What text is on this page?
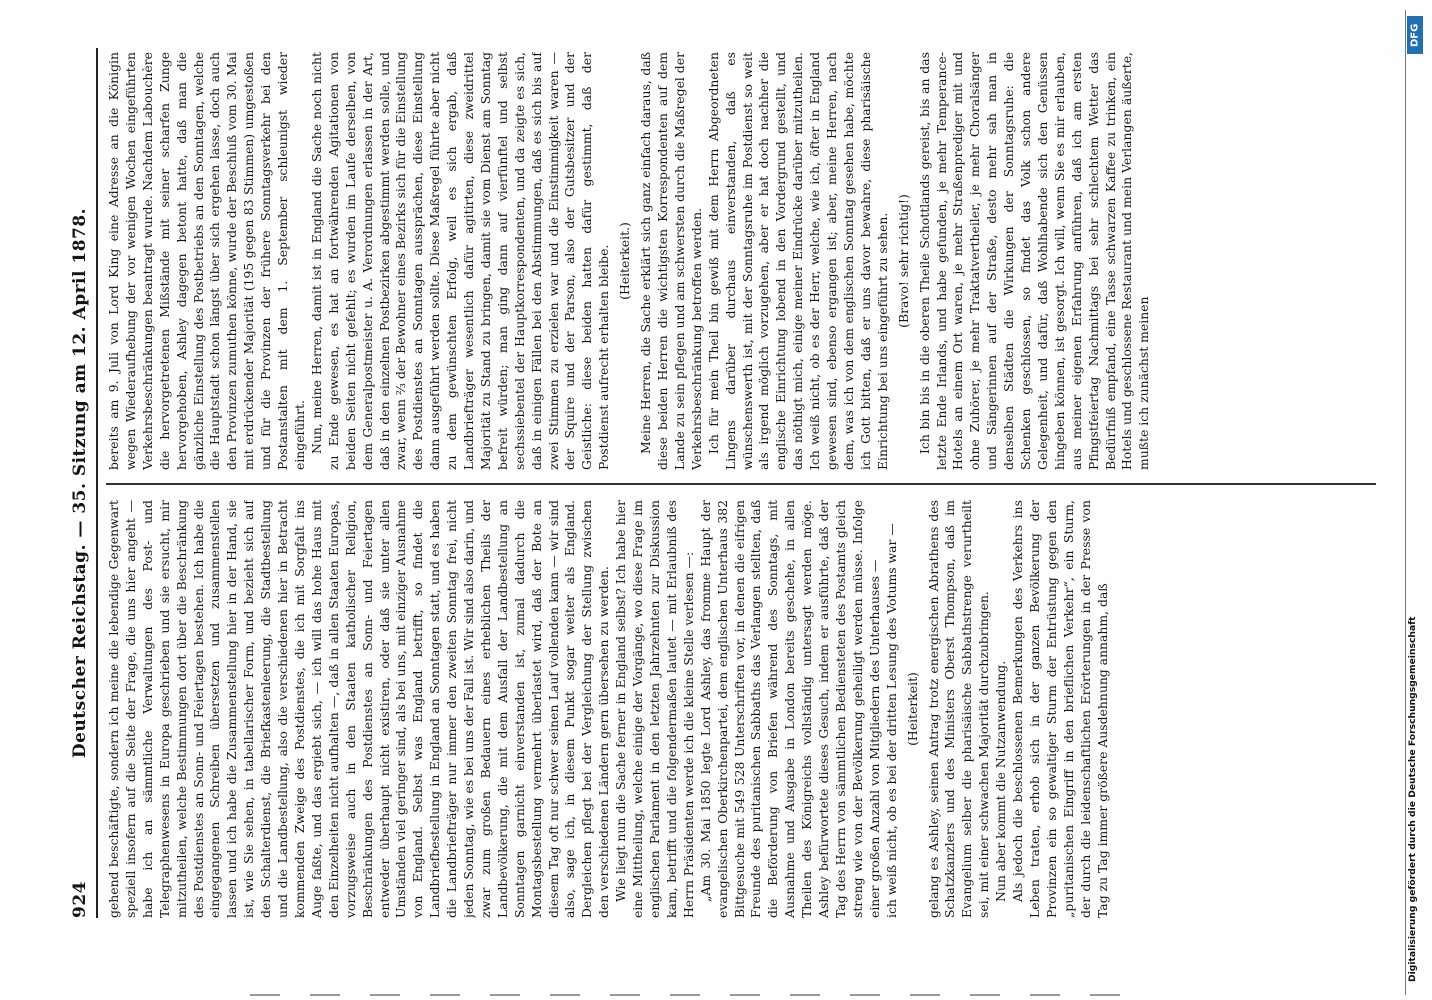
924
Deutscher Reichstag. — 35. Sitzung am 12. April 1878. gehend beschäftigte, sondern ich meine die lebendige Gegenwart speziell insofern auf die Seite der Frage, die uns hier angeht — habe ich an sämmtliche Verwaltungen des Post- und Telegraphenwesens in Europa geschrieben und sie ersucht, mir mitzutheilen, welche Bestimmungen dort über die Beschränkung des Postdienstes an Sonn- und Feiertagen bestehen. Ich habe die eingegangenen Schreiben übersetzen und zusammenstellen lassen und ich habe die Zusammenstellung hier in der Hand, sie ist, wie Sie sehen, in tabellarischer Form, und bezieht sich auf den Schalterdienst, die Briefkastenleerung, die Stadtbestellung und die Landbestellung, also die verschiedenen hier in Betracht kommenden Zweige des Postdienstes, die ich mit Sorgfalt ins Auge faßte, und das ergiebt sich, — ich will das hohe Haus mit den Einzelheiten nicht aufhalten —, daß in allen Staaten Europas, vorzugsweise auch in den Staaten katholischer Religion, Beschränkungen des Postdienstes an Sonn- und Feiertagen entweder überhaupt nicht existiren, oder daß sie unter allen Umständen viel geringer sind, als bei uns, mit einziger Ausnahme von England. Selbst was England betrifft, so findet die Landbriefbestellung in England an Sonntagen statt, und es haben die Landbriefträger nur immer den zweiten Sonntag frei, nicht jeden Sonntag, wie es bei uns der Fall ist. Wir sind also darin, und zwar zum großen Bedauern eines erheblichen Theils der Landbevölkerung, die mit dem Ausfall der Landbestellung an Sonntagen garnicht einverstanden ist, zumal dadurch die Montagsbestellung vermehrt überlastet wird, daß der Bote an diesem Tag oft nur schwer seinen Lauf vollenden kann — wir sind also, sage ich, in diesem Punkt sogar weiter als England. Dergleichen pflegt bei der Vergleichung der Stellung zwischen den verschiedenen Ländern gern übersehen zu werden. Wie liegt nun die Sache ferner in England selbst? Ich habe hier eine Mittheilung, welche einige der Vorgänge, wo diese Frage im englischen Parlament in den letzten Jahrzehnten zur Diskussion kam, betrifft und die folgendermaßen lautet — mit Erlaubniß des Herrn Präsidenten werde ich die kleine Stelle verlesen —: „Am 30. Mai 1850 legte Lord Ashley, das fromme Haupt der evangelischen Oberkirchenpartei, dem englischen Unterhaus 382 Bittgesuche mit 549 528 Unterschriften vor, in denen die eifrigen Freunde des puritanischen Sabbaths das Verlangen stellten, daß die Beförderung von Briefen während des Sonntags, mit Ausnahme und Ausgabe in London bereits geschehe, in allen Theilen des Königreichs vollständig untersagt werden möge. Ashley befürwortete dieses Gesuch, indem er ausführte, daß der Tag des Herrn von sämmtlichen Bediensteten des Postamts gleich streng wie von der Bevölkerung geheiligt werden müsse. Infolge einer großen Anzahl von Mitgliedern des Unterhauses — ich weiß nicht, ob es bei der dritten Lesung des Votums war — (Heiterkeit) gelang es Ashley, seinen Antrag trotz energischen Abrathens des Schatzkanzlers und des Ministers Oberst Thompson, daß im Evangelium selber die pharisäische Sabbathstrenge verurtheilt sei, mit einer schwachen Majorität durchzubringen. Nun aber kommt die Nutzanwendung. Als jedoch die beschlossenen Bemerkungen des Verkehrs ins Leben traten, erhob sich in der ganzen Bevölkerung der Provinzen ein so gewaltiger Sturm der Entrüstung gegen den „puritanischen Eingriff in den brieflichen Verkehr“, ein Sturm, der durch die leidenschaftlichen Erörterungen in der Presse von Tag zu Tag immer größere Ausdehnung annahm, daß

bereits am 9. Juli von Lord King eine Adresse an die Königin wegen Wiederaufhebung der vor wenigen Wochen eingeführten Verkehrsbeschränkungen beantragt wurde. Nachdem Labouchère die hervorgetretenen Mißstände mit seiner scharfen Zunge hervorgehoben, Ashley dagegen betont hatte, daß man die gänzliche Einstellung des Postbetriebs an den Sonntagen, welche die Hauptstadt schon längst über sich ergehen lasse, doch auch den Provinzen zumuthen könne, wurde der Beschluß vom 30. Mai mit erdrückender Majorität (195 gegen 83 Stimmen) umgestoßen und für die Provinzen der frühere Sonntagsverkehr bei den Postanstalten mit dem 1. September schleunigst wieder eingeführt. Nun, meine Herren, damit ist in England die Sache noch nicht zu Ende gewesen, es hat an fortwährenden Agitationen von beiden Seiten nicht gefehlt; es wurden im Laufe derselben, von dem Generalpostmeister u. A. Verordnungen erlassen in der Art, daß in den einzelnen Postbezirken abgestimmt werden solle, und zwar, wenn ⅔ der Bewohner eines Bezirks sich für die Einstellung des Postdienstes an Sonntagen aussprächen, diese Einstellung dann ausgeführt werden sollte. Diese Maßregel führte aber nicht zu dem gewünschten Erfolg, weil es sich ergab, daß Landbriefträger wesentlich dafür agitirten, diese zweidrittel Majorität zu Stand zu bringen, damit sie vom Dienst am Sonntag befreit würden; man ging dann auf vierfünftel und selbst sechssiebentel der Hauptkorrespondenten, und da zeigte es sich, daß in einigen Fällen bei den Abstimmungen, daß es sich bis auf zwei Stimmen zu erzielen war und die Einstimmigkeit waren — der Squire und der Parson, also der Gutsbesitzer und der Geistliche: diese beiden hatten dafür gestimmt, daß der Postdienst aufrecht erhalten bleibe. (Heiterkeit.) Meine Herren, die Sache erklärt sich ganz einfach daraus, daß diese beiden Herren die wichtigsten Korrespondenten auf dem Lande zu sein pflegen und am schwersten durch die Maßregel der Verkehrsbeschränkung betroffen werden. Ich für mein Theil bin gewiß mit dem Herrn Abgeordneten Lingens darüber durchaus einverstanden, daß es wünschenswerth ist, mit der Sonntagsruhe im Postdienst so weit als irgend möglich vorzugehen, aber er hat doch nachher die englische Einrichtung lobend in den Vordergrund gestellt, und das nöthigt mich, einige meiner Eindrücke darüber mitzutheilen. Ich weiß nicht, ob es der Herr, welche, wie ich, öfter in England gewesen sind, ebenso ergangen ist; aber, meine Herren, nach dem, was ich von dem englischen Sonntag gesehen habe, möchte ich Gott bitten, daß er uns davor bewahre, diese pharisäische Einrichtung bei uns eingeführt zu sehen. (Bravo! sehr richtig!) Ich bin bis in die oberen Theile Schottlands gereist, bis an das letzte Ende Irlands, und habe gefunden, je mehr Temperance-Hotels an einem Ort waren, je mehr Straßenprediger mit und ohne Zuhörer, je mehr Traktatvertheiler, je mehr Choralsänger und Sängerinnen auf der Straße, desto mehr sah man in denselben Städten die Wirkungen der Sonntagsruhe: die Schenken geschlossen, so findet das Volk schon andere Gelegenheit, und dafür, daß Wohlhabende sich den Genüssen hingeben können, ist gesorgt. Ich will, wenn Sie es mir erlauben, aus meiner eigenen Erfahrung anführen, daß ich am ersten Pfingstfeiertag Nachmittags bei sehr schlechtem Wetter das Bedürfniß empfand, eine Tasse schwarzen Kaffee zu trinken, ein Hotels und geschlossene Restaurant und mein Verlangen äußerte, mußte ich zunächst meinen

DFG
Digitalisierung gefördert durch die Deutsche Forschungsgemeinschaft
